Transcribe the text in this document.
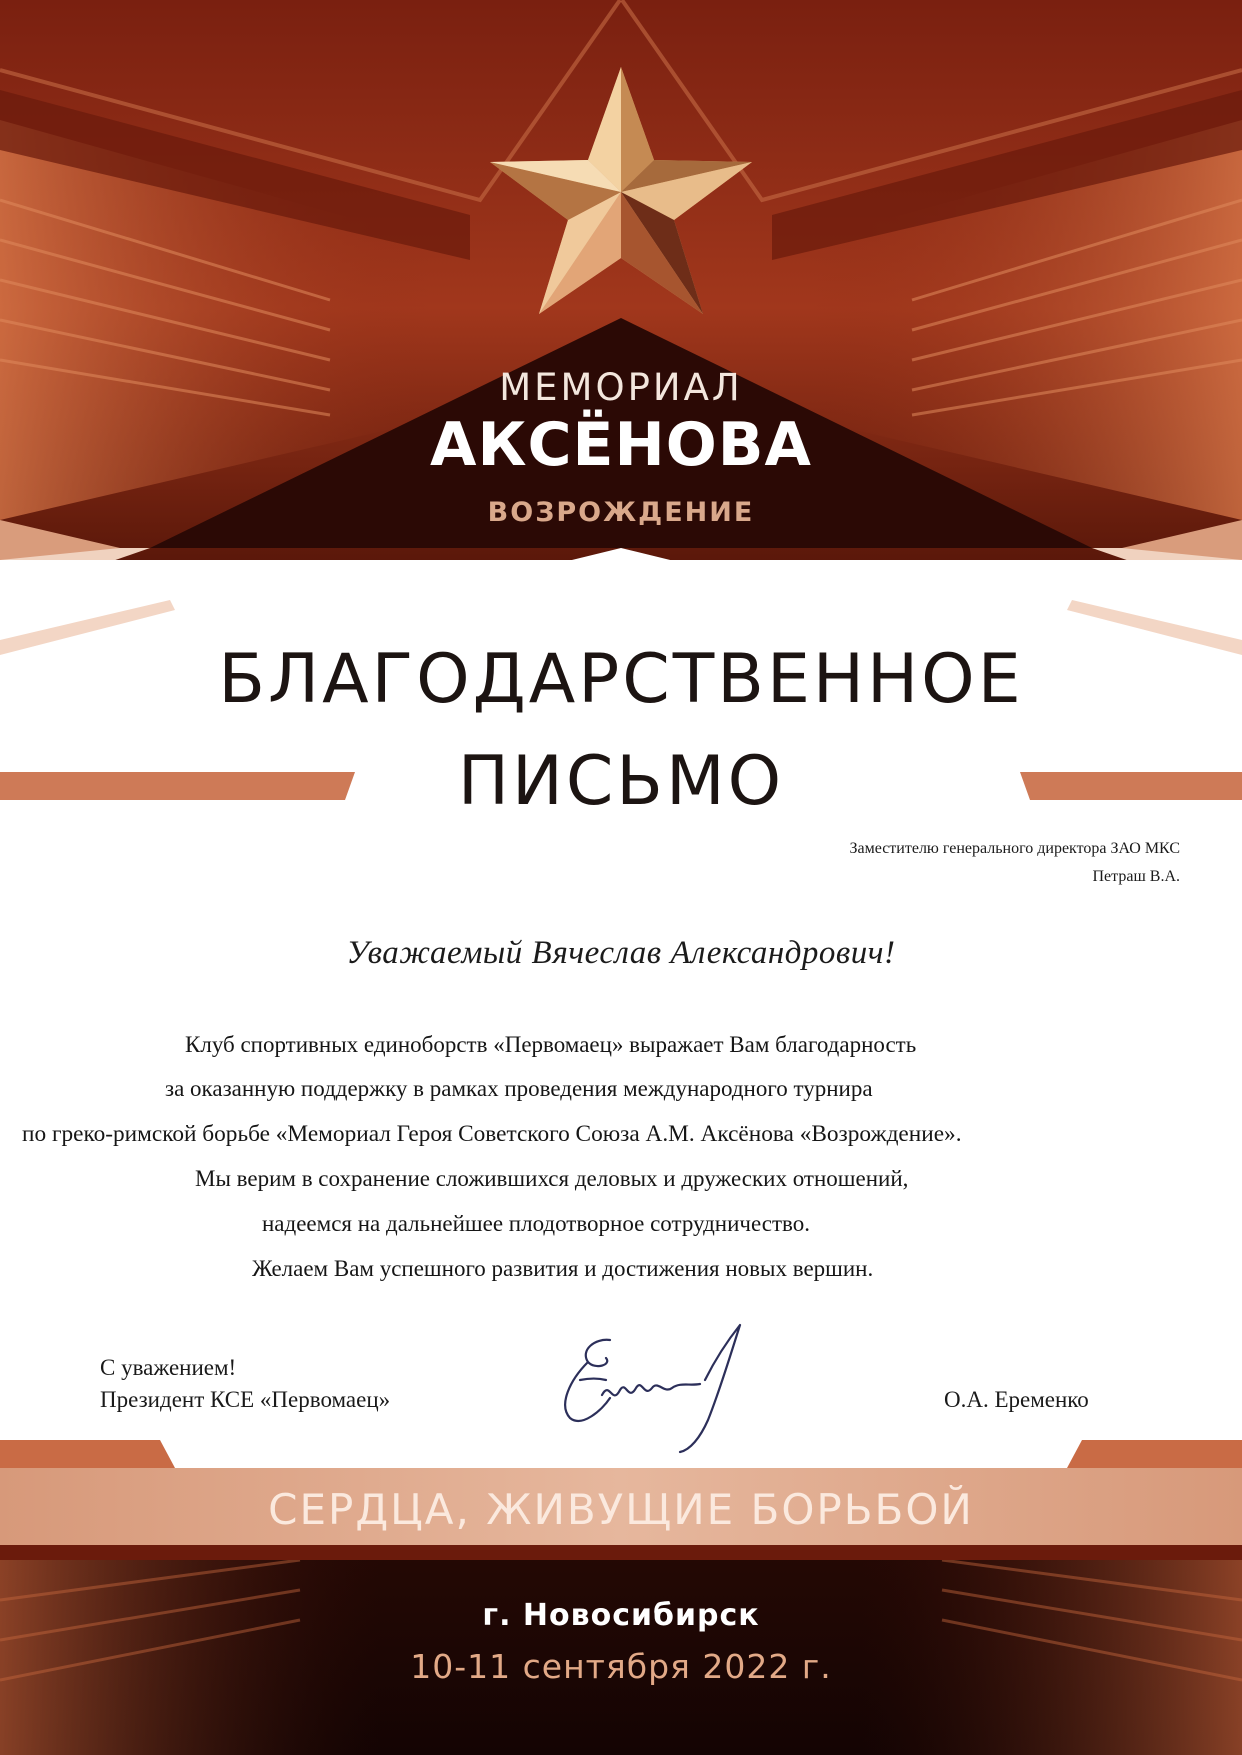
МЕМОРИАЛ
АКСЁНОВА
ВОЗРОЖДЕНИЕ
БЛАГОДАРСТВЕННОЕ
ПИСЬМО

Заместителю генерального директора ЗАО МКС

Петраш В.А.

Уважаемый Вячеслав Александрович!

Клуб спортивных единоборств «Первомаец» выражает Вам благодарность

за оказанную поддержку в рамках проведения международного турнира

по греко-римской борьбе «Мемориал Героя Советского Союза А.М. Аксёнова «Возрождение».

Мы верим в сохранение сложившихся деловых и дружеских отношений,

надеемся на дальнейшее плодотворное сотрудничество.

Желаем Вам успешного развития и достижения новых вершин.

С уважением!

Президент КСЕ «Первомаец»	О.А. Еременко

СЕРДЦА, ЖИВУЩИЕ БОРЬБОЙ
г. Новосибирск
10-11 сентября 2022 г.
